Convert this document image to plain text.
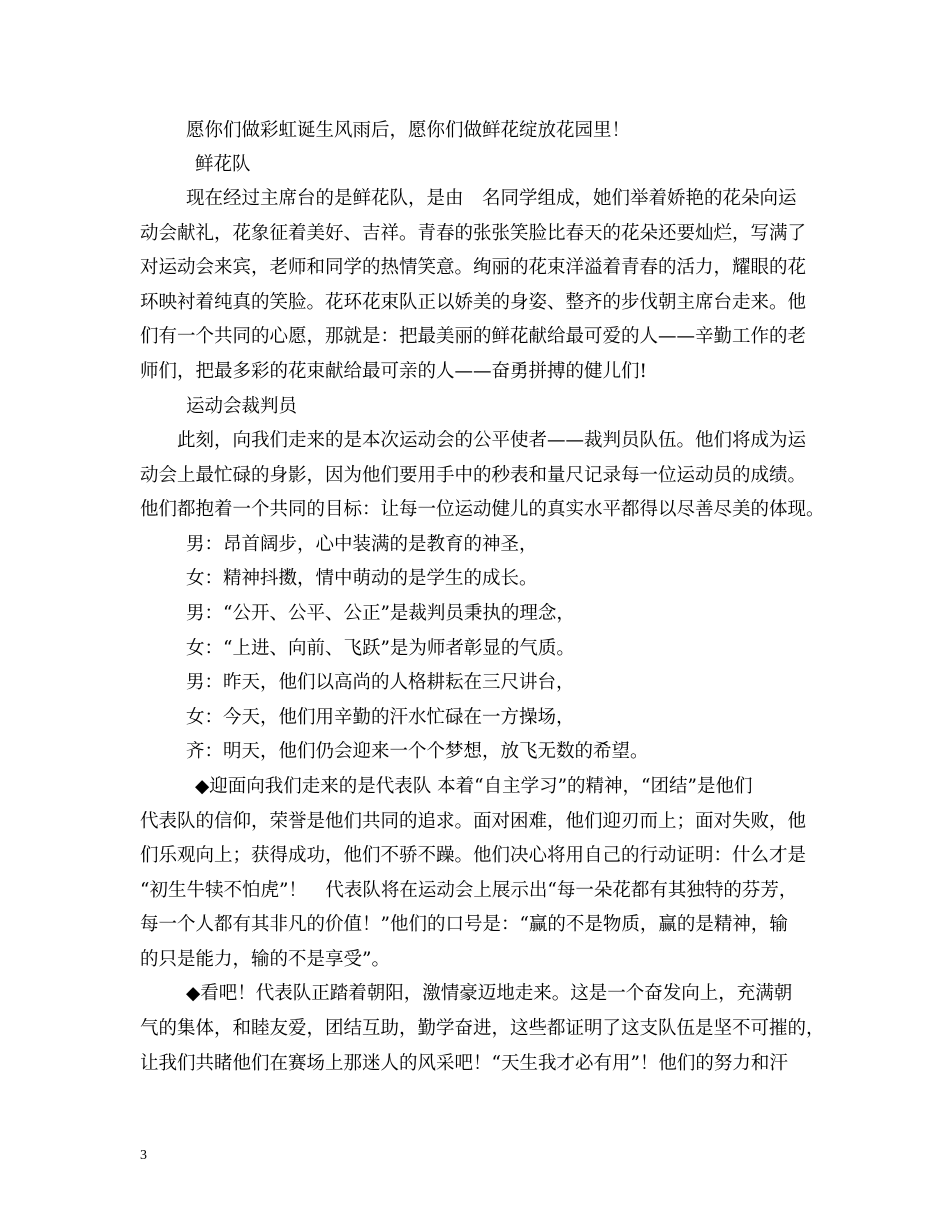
愿你们做彩虹诞生风雨后，愿你们做鲜花绽放花园里！
鲜花队
现在经过主席台的是鲜花队，是由　名同学组成，她们举着娇艳的花朵向运
动会献礼，花象征着美好、吉祥。青春的张张笑脸比春天的花朵还要灿烂，写满了
对运动会来宾，老师和同学的热情笑意。绚丽的花束洋溢着青春的活力，耀眼的花
环映衬着纯真的笑脸。花环花束队正以娇美的身姿、整齐的步伐朝主席台走来。他
们有一个共同的心愿，那就是：把最美丽的鲜花献给最可爱的人——辛勤工作的老
师们，把最多彩的花束献给最可亲的人——奋勇拼搏的健儿们!
运动会裁判员
此刻，向我们走来的是本次运动会的公平使者——裁判员队伍。他们将成为运
动会上最忙碌的身影，因为他们要用手中的秒表和量尺记录每一位运动员的成绩。
他们都抱着一个共同的目标：让每一位运动健儿的真实水平都得以尽善尽美的体现。
男：昂首阔步，心中装满的是教育的神圣，
女：精神抖擞，情中萌动的是学生的成长。
男：“公开、公平、公正”是裁判员秉执的理念，
女：“上进、向前、飞跃”是为师者彰显的气质。
男：昨天，他们以高尚的人格耕耘在三尺讲台，
女：今天，他们用辛勤的汗水忙碌在一方操场，
齐：明天，他们仍会迎来一个个梦想，放飞无数的希望。
◆迎面向我们走来的是代表队 本着“自主学习”的精神，“团结”是他们
代表队的信仰，荣誉是他们共同的追求。面对困难，他们迎刃而上；面对失败，他
们乐观向上；获得成功，他们不骄不躁。他们决心将用自己的行动证明：什么才是
“初生牛犊不怕虎”！　代表队将在运动会上展示出“每一朵花都有其独特的芬芳，
每一个人都有其非凡的价值！”他们的口号是：“赢的不是物质，赢的是精神，输
的只是能力，输的不是享受”。
◆看吧！代表队正踏着朝阳，激情豪迈地走来。这是一个奋发向上，充满朝
气的集体，和睦友爱，团结互助，勤学奋进，这些都证明了这支队伍是坚不可摧的，
让我们共睹他们在赛场上那迷人的风采吧！“天生我才必有用”！他们的努力和汗
3
